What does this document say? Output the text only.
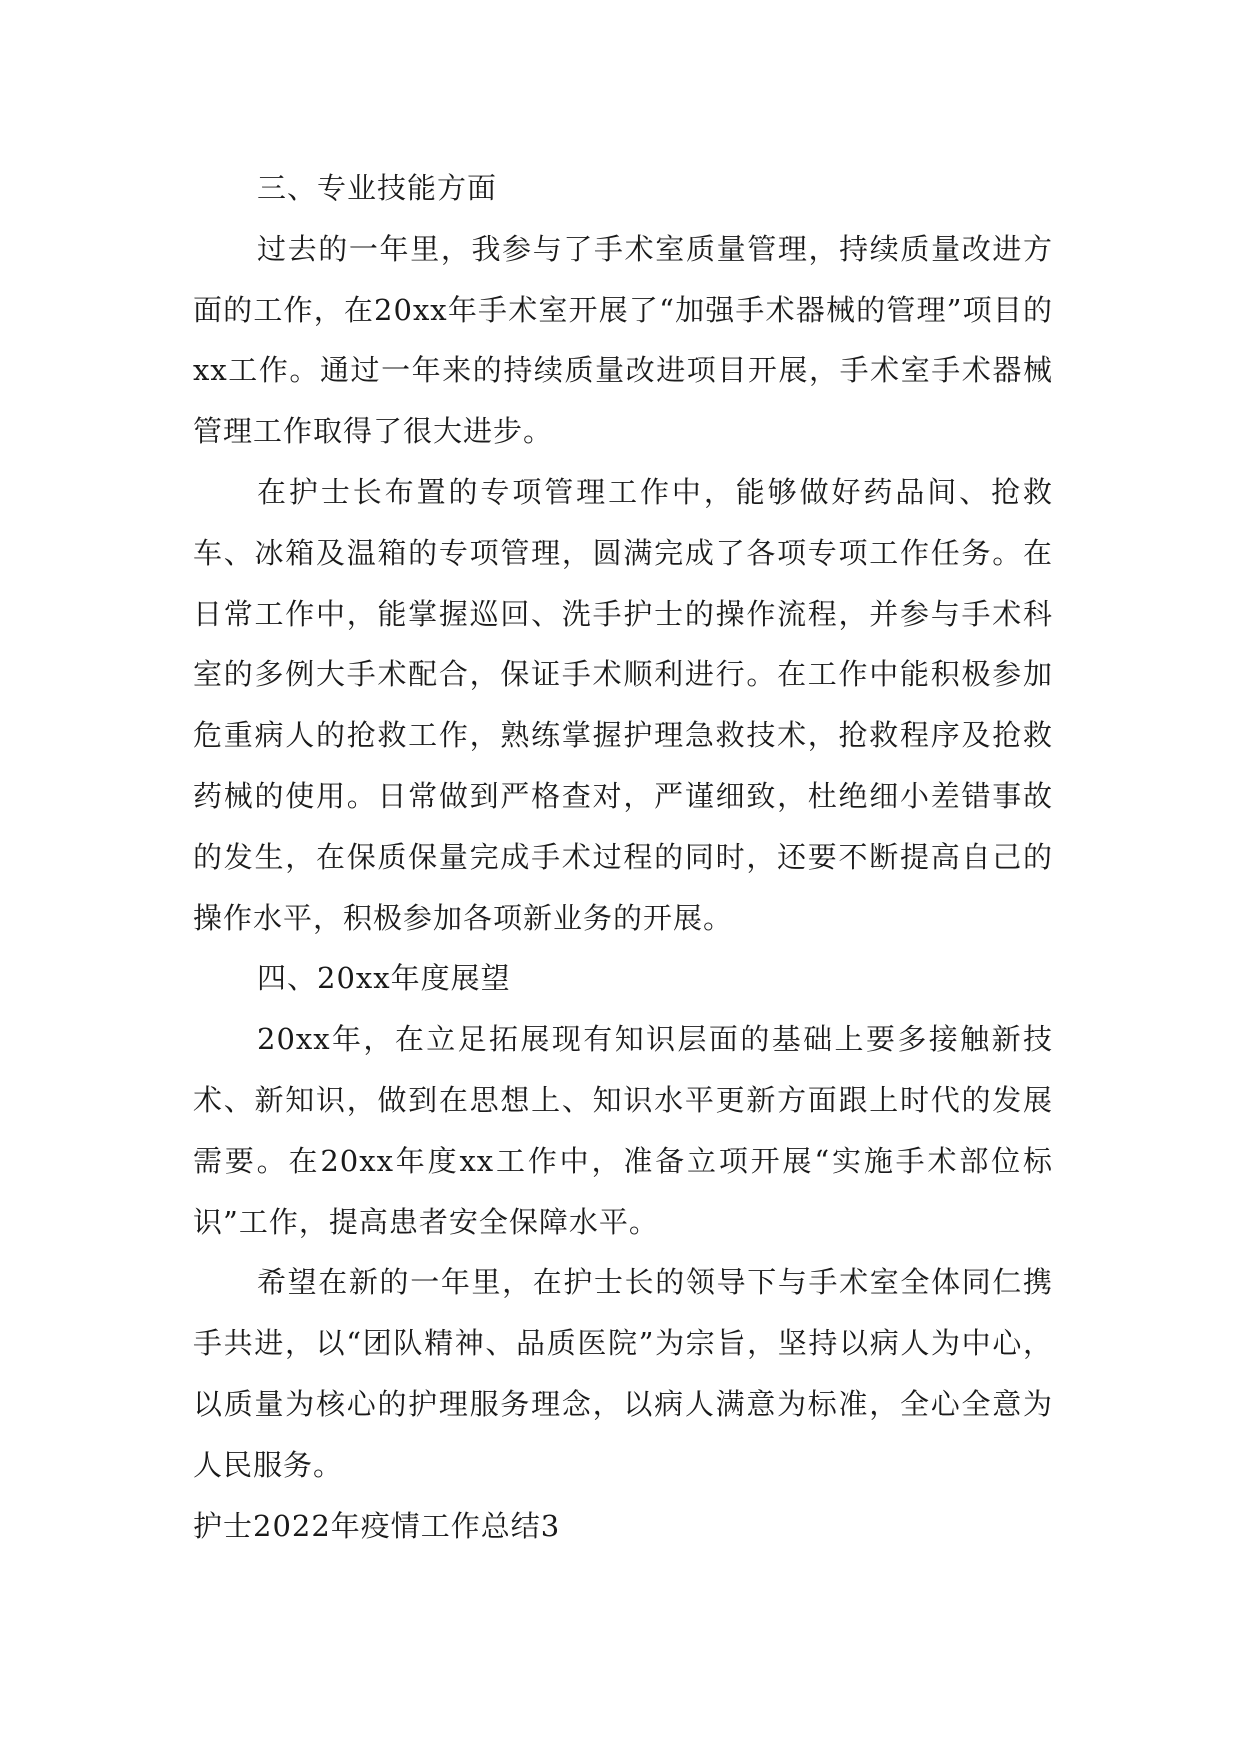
三、专业技能方面

过去的一年里，我参与了手术室质量管理，持续质量改进方面的工作，在20xx年手术室开展了“加强手术器械的管理”项目的xx工作。通过一年来的持续质量改进项目开展，手术室手术器械管理工作取得了很大进步。

在护士长布置的专项管理工作中，能够做好药品间、抢救车、冰箱及温箱的专项管理，圆满完成了各项专项工作任务。在日常工作中，能掌握巡回、洗手护士的操作流程，并参与手术科室的多例大手术配合，保证手术顺利进行。在工作中能积极参加危重病人的抢救工作，熟练掌握护理急救技术，抢救程序及抢救药械的使用。日常做到严格查对，严谨细致，杜绝细小差错事故的发生，在保质保量完成手术过程的同时，还要不断提高自己的操作水平，积极参加各项新业务的开展。

四、20xx年度展望

20xx年，在立足拓展现有知识层面的基础上要多接触新技术、新知识，做到在思想上、知识水平更新方面跟上时代的发展需要。在20xx年度xx工作中，准备立项开展“实施手术部位标识”工作，提高患者安全保障水平。

希望在新的一年里，在护士长的领导下与手术室全体同仁携手共进，以“团队精神、品质医院”为宗旨，坚持以病人为中心，以质量为核心的护理服务理念，以病人满意为标准，全心全意为人民服务。

护士2022年疫情工作总结3
